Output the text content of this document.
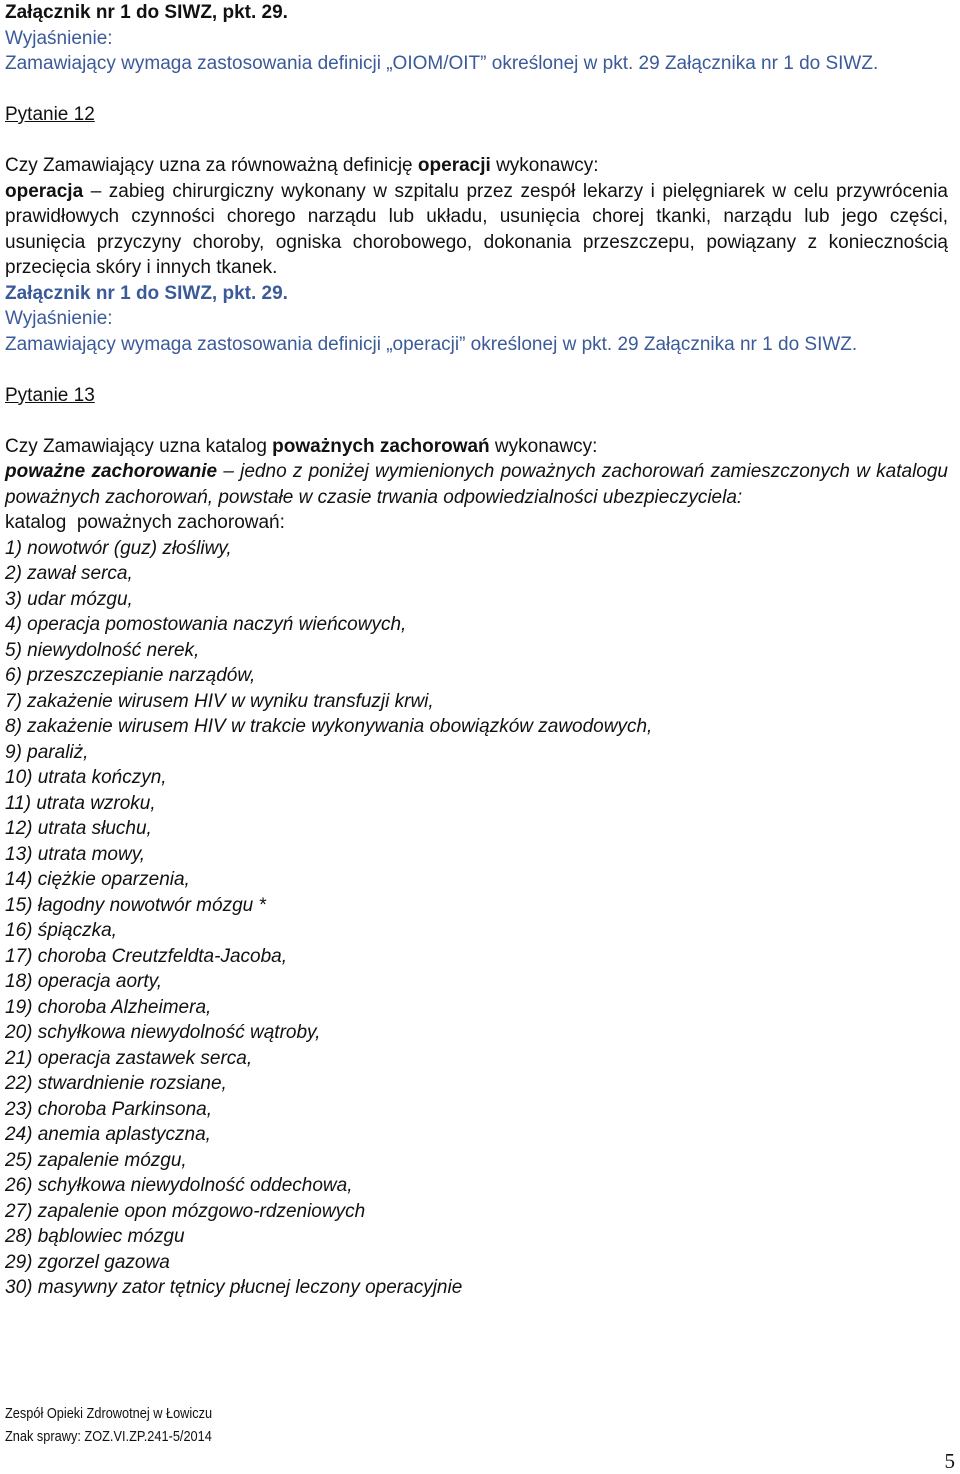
Załącznik nr 1 do SIWZ, pkt. 29.
Wyjaśnienie:

Zamawiający wymaga zastosowania definicji „OIOM/OIT” określonej w pkt. 29 Załącznika nr 1 do SIWZ.

Pytanie 12

Czy Zamawiający uzna za równoważną definicję operacji wykonawcy:

operacja – zabieg chirurgiczny wykonany w szpitalu przez zespół lekarzy i pielęgniarek w celu przywrócenia prawidłowych czynności chorego narządu lub układu, usunięcia chorej tkanki, narządu lub jego części, usunięcia przyczyny choroby, ogniska chorobowego, dokonania przeszczepu, powiązany z koniecznością przecięcia skóry i innych tkanek.

Załącznik nr 1 do SIWZ, pkt. 29.
Wyjaśnienie:

Zamawiający wymaga zastosowania definicji „operacji” określonej w pkt. 29 Załącznika nr 1 do SIWZ.

Pytanie 13

Czy Zamawiający uzna katalog poważnych zachorowań wykonawcy:

poważne zachorowanie – jedno z poniżej wymienionych poważnych zachorowań zamieszczonych w katalogu poważnych zachorowań, powstałe w czasie trwania odpowiedzialności ubezpieczyciela:

katalog  poważnych zachorowań:
1) nowotwór (guz) złośliwy,
2) zawał serca,
3) udar mózgu,
4) operacja pomostowania naczyń wieńcowych,
5) niewydolność nerek,
6) przeszczepianie narządów,
7) zakażenie wirusem HIV w wyniku transfuzji krwi,
8) zakażenie wirusem HIV w trakcie wykonywania obowiązków zawodowych,
9) paraliż,
10) utrata kończyn,
11) utrata wzroku,
12) utrata słuchu,
13) utrata mowy,
14) ciężkie oparzenia,
15) łagodny nowotwór mózgu *
16) śpiączka,
17) choroba Creutzfeldta-Jacoba,
18) operacja aorty,
19) choroba Alzheimera,
20) schyłkowa niewydolność wątroby,
21) operacja zastawek serca,
22) stwardnienie rozsiane,
23) choroba Parkinsona,
24) anemia aplastyczna,
25) zapalenie mózgu,
26) schyłkowa niewydolność oddechowa,
27) zapalenie opon mózgowo-rdzeniowych
28) bąblowiec mózgu
29) zgorzel gazowa
30) masywny zator tętnicy płucnej leczony operacyjnie
Zespół Opieki Zdrowotnej w Łowiczu
Znak sprawy: ZOZ.VI.ZP.241-5/2014
5
